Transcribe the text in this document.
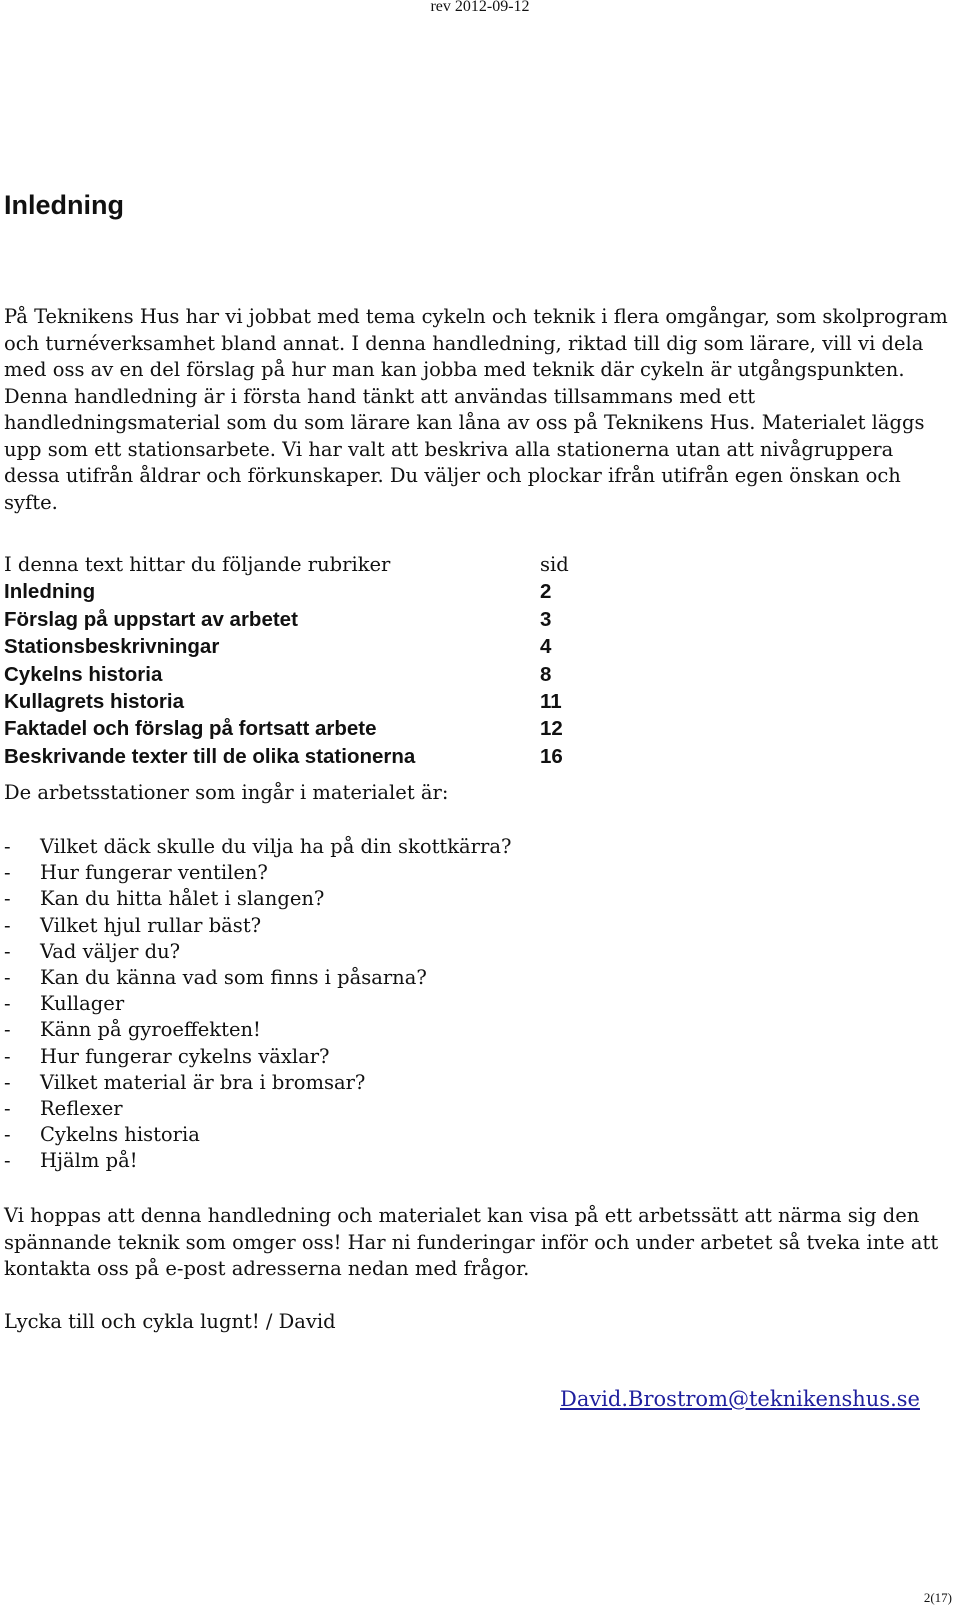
rev 2012-09-12
Inledning

På Teknikens Hus har vi jobbat med tema cykeln och teknik i flera omgångar, som skolprogram och turnéverksamhet bland annat. I denna handledning, riktad till dig som lärare, vill vi dela med oss av en del förslag på hur man kan jobba med teknik där cykeln är utgångspunkten. Denna handledning är i första hand tänkt att användas tillsammans med ett handledningsmaterial som du som lärare kan låna av oss på Teknikens Hus. Materialet läggs upp som ett stationsarbete. Vi har valt att beskriva alla stationerna utan att nivågruppera dessa utifrån åldrar och förkunskaper. Du väljer och plockar ifrån utifrån egen önskan och syfte.

I denna text hittar du följande rubriker	sid
Inledning	2
Förslag på uppstart av arbetet	3
Stationsbeskrivningar	4
Cykelns historia	8
Kullagrets historia	11
Faktadel och förslag på fortsatt arbete	12
Beskrivande texter till de olika stationerna	16

De arbetsstationer som ingår i materialet är:

- Vilket däck skulle du vilja ha på din skottkärra?
- Hur fungerar ventilen?
- Kan du hitta hålet i slangen?
- Vilket hjul rullar bäst?
- Vad väljer du?
- Kan du känna vad som finns i påsarna?
- Kullager
- Känn på gyroeffekten!
- Hur fungerar cykelns växlar?
- Vilket material är bra i bromsar?
- Reflexer
- Cykelns historia
- Hjälm på!

Vi hoppas att denna handledning och materialet kan visa på ett arbetssätt att närma sig den spännande teknik som omger oss! Har ni funderingar inför och under arbetet så tveka inte att kontakta oss på e-post adresserna nedan med frågor.

Lycka till och cykla lugnt! / David

David.Brostrom@teknikenshus.se
2(17)
